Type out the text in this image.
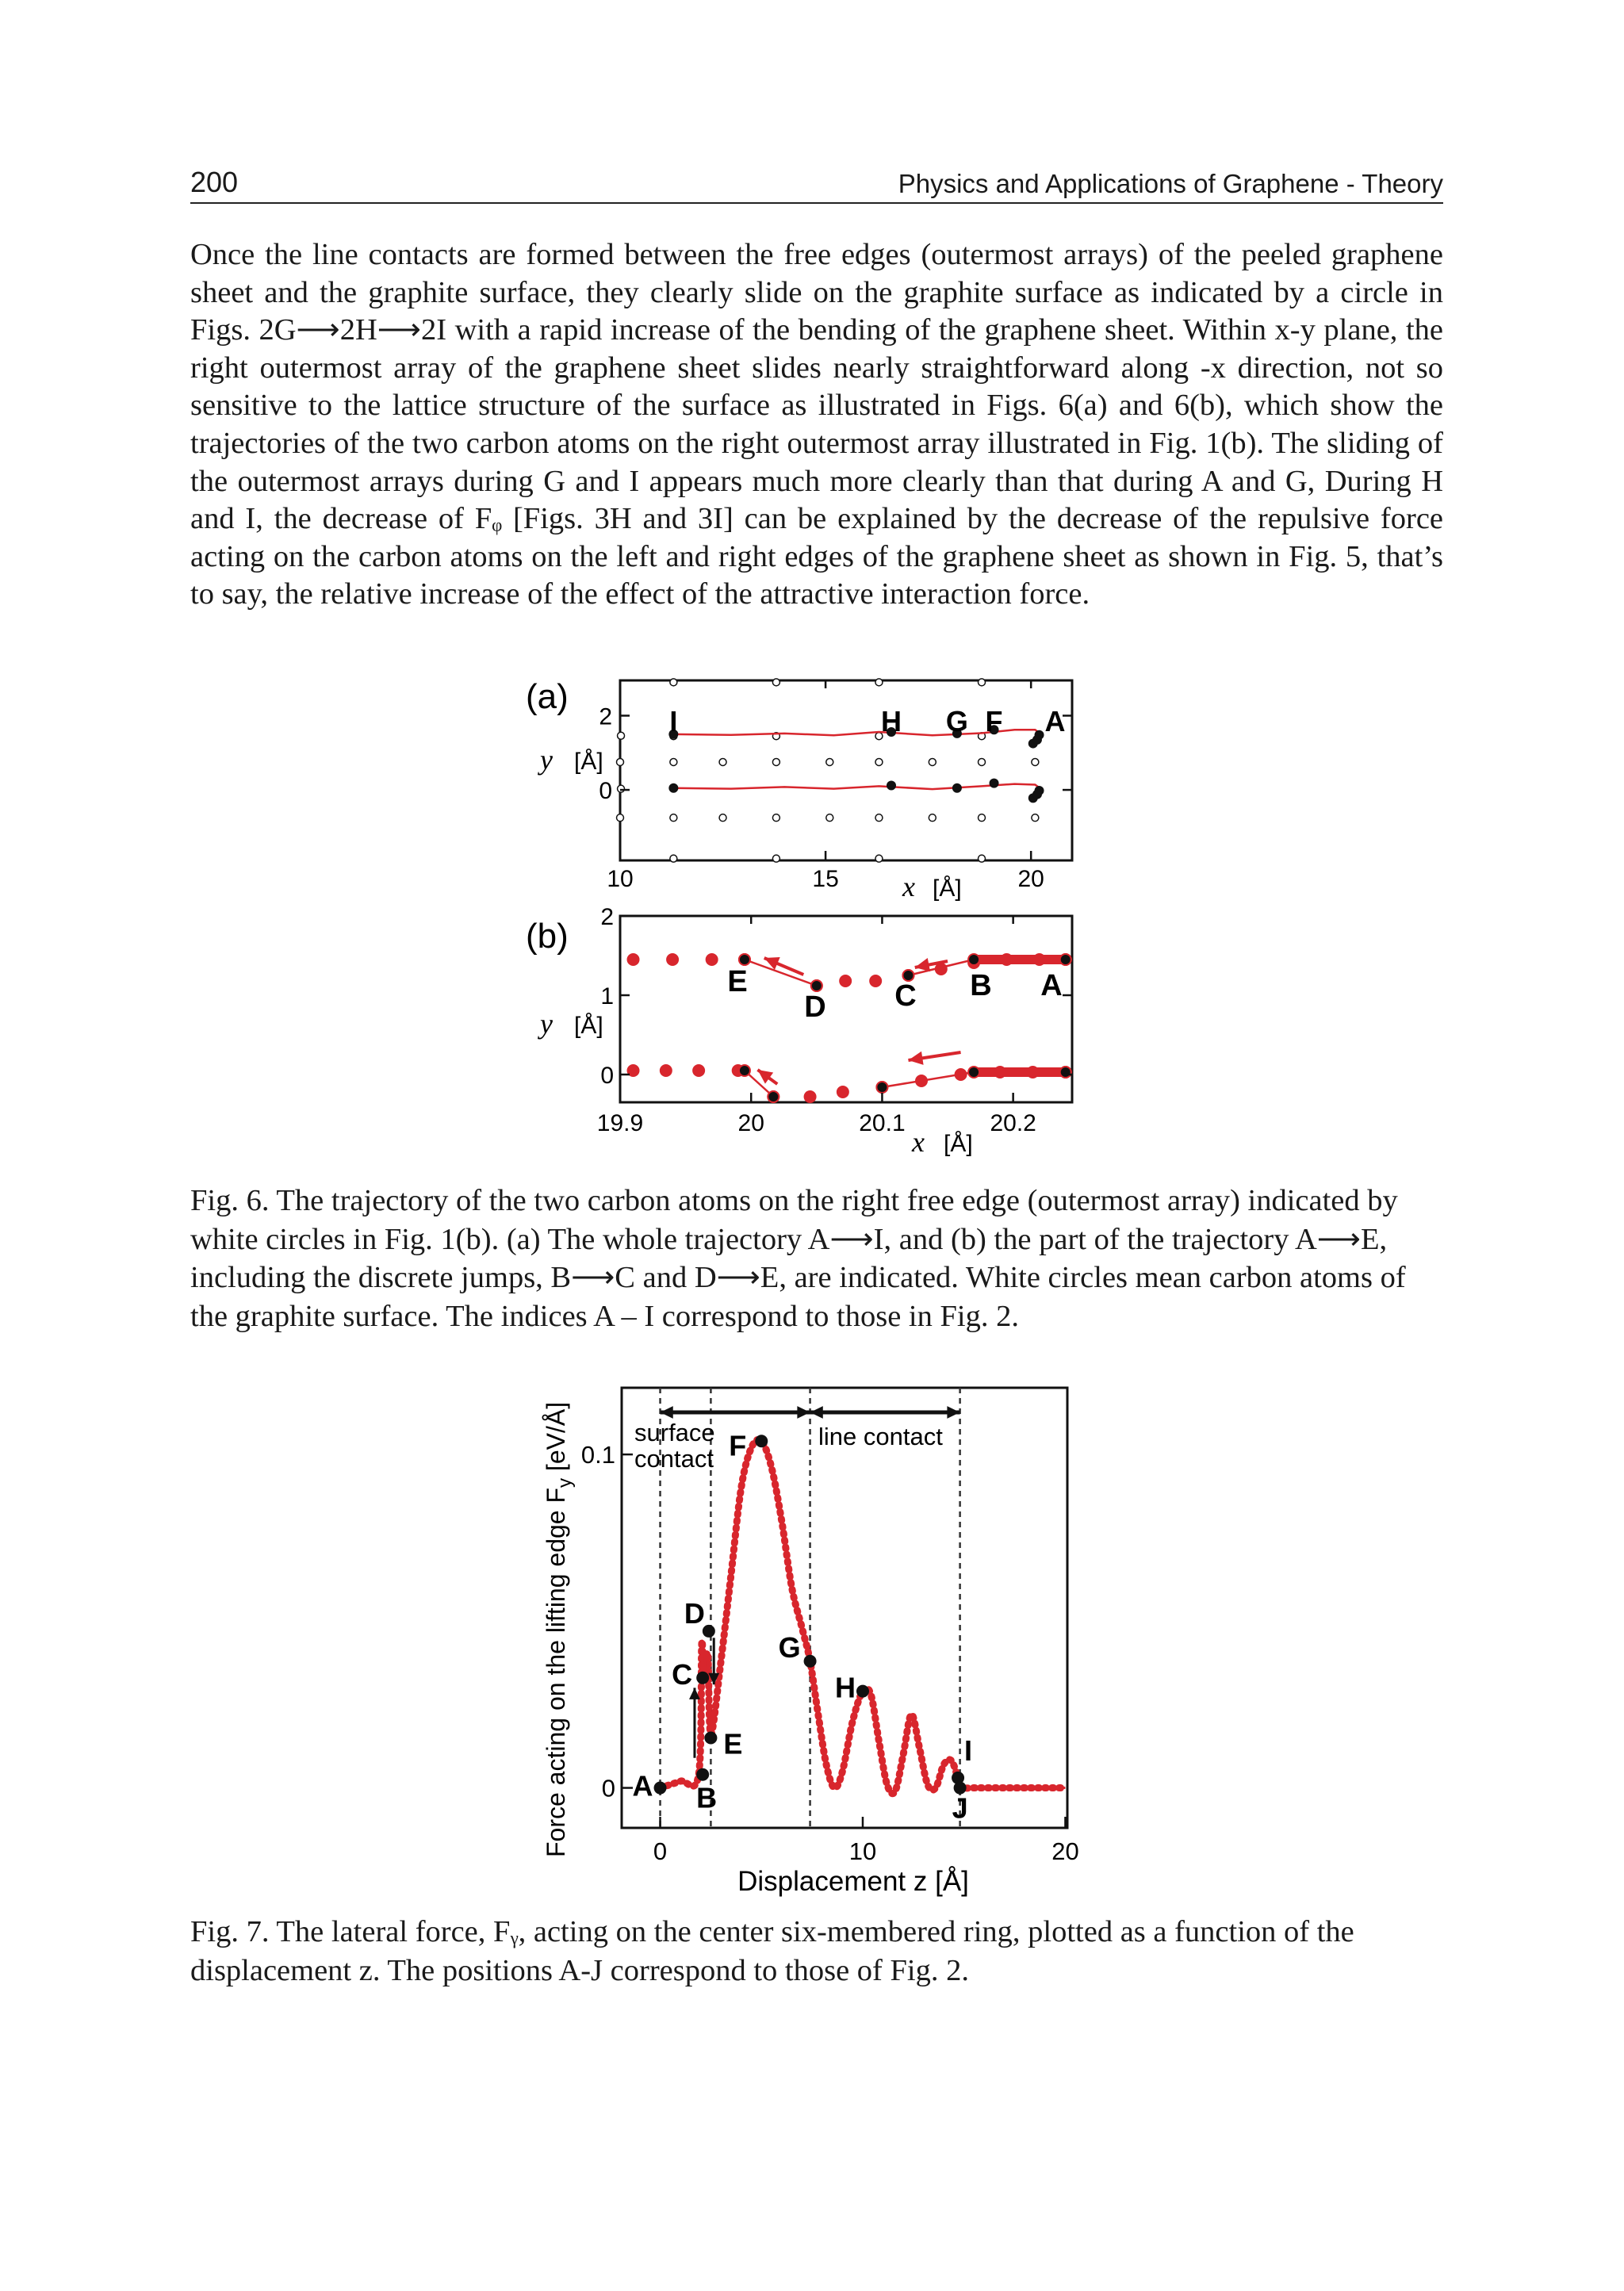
200	Physics and Applications of Graphene - Theory

Once the line contacts are formed between the free edges (outermost arrays) of the peeled graphene sheet and the graphite surface, they clearly slide on the graphite surface as indicated by a circle in Figs. 2G⟶2H⟶2I with a rapid increase of the bending of the graphene sheet. Within x-y plane, the right outermost array of the graphene sheet slides nearly straightforward along -x direction, not so sensitive to the lattice structure of the surface as illustrated in Figs. 6(a) and 6(b), which show the trajectories of the two carbon atoms on the right outermost array illustrated in Fig. 1(b). The sliding of the outermost arrays during G and I appears much more clearly than that during A and G, During H and I, the decrease of Fᵩ [Figs. 3H and 3I] can be explained by the decrease of the repulsive force acting on the carbon atoms on the left and right edges of the graphene sheet as shown in Fig. 5, that’s to say, the relative increase of the effect of the attractive interaction force.

I	H G F A
10	15	20
0
2
(a)
y [Å]
x [Å]
E
D C B A
19.9	20	20.1	20.2
0
1
2
(b)
y [Å]
x [Å]

Fig. 6. The trajectory of the two carbon atoms on the right free edge (outermost array) indicated by white circles in Fig. 1(b). (a) The whole trajectory A⟶I, and (b) the part of the trajectory A⟶E, including the discrete jumps, B⟶C and D⟶E, are indicated. White circles mean carbon atoms of the graphite surface. The indices A – I correspond to those in Fig. 2.

surface
contact
line contact
A B
C
D
E
F
G
H
I
J
0	10	20
0
0.1
Displacement z [Å]
Force acting on the lifting edge $F_y$ [eV/Å]

Fig. 7. The lateral force, Fᵧ, acting on the center six-membered ring, plotted as a function of the displacement z. The positions A-J correspond to those of Fig. 2.
